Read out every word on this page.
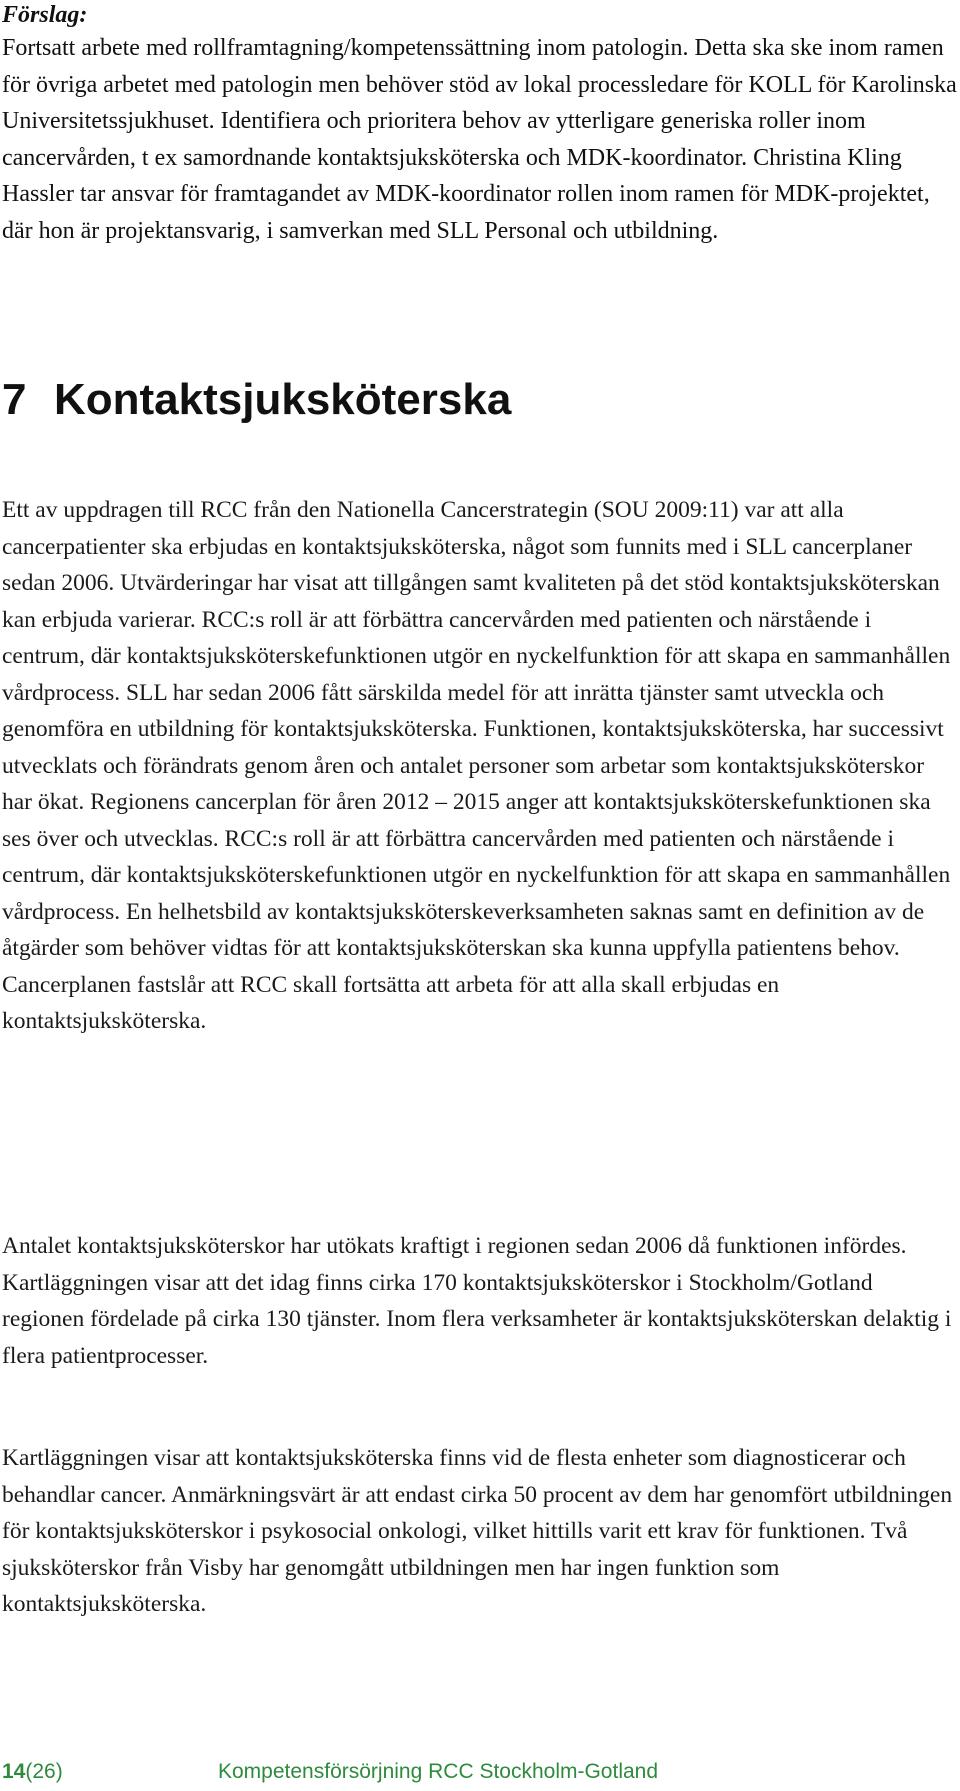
Förslag:

Fortsatt arbete med rollframtagning/kompetenssättning inom patologin. Detta ska ske inom ramen för övriga arbetet med patologin men behöver stöd av lokal processledare för KOLL för Karolinska Universitetssjukhuset. Identifiera och prioritera behov av ytterligare generiska roller inom cancervården, t ex samordnande kontaktsjuksköterska och MDK-koordinator. Christina Kling Hassler tar ansvar för framtagandet av MDK-koordinator rollen inom ramen för MDK-projektet, där hon är projektansvarig, i samverkan med SLL Personal och utbildning.

7 Kontaktsjuksköterska

Ett av uppdragen till RCC från den Nationella Cancerstrategin (SOU 2009:11) var att alla cancerpatienter ska erbjudas en kontaktsjuksköterska, något som funnits med i SLL cancerplaner sedan 2006. Utvärderingar har visat att tillgången samt kvaliteten på det stöd kontaktsjuksköterskan kan erbjuda varierar. RCC:s roll är att förbättra cancervården med patienten och närstående i centrum, där kontaktsjuksköterskefunktionen utgör en nyckelfunktion för att skapa en sammanhållen vårdprocess. SLL har sedan 2006 fått särskilda medel för att inrätta tjänster samt utveckla och genomföra en utbildning för kontaktsjuksköterska. Funktionen, kontaktsjuksköterska, har successivt utvecklats och förändrats genom åren och antalet personer som arbetar som kontaktsjuksköterskor har ökat. Regionens cancerplan för åren 2012 – 2015 anger att kontaktsjuksköterskefunktionen ska ses över och utvecklas. RCC:s roll är att förbättra cancervården med patienten och närstående i centrum, där kontaktsjuksköterskefunktionen utgör en nyckelfunktion för att skapa en sammanhållen vårdprocess. En helhetsbild av kontaktsjuksköterskeverksamheten saknas samt en definition av de åtgärder som behöver vidtas för att kontaktsjuksköterskan ska kunna uppfylla patientens behov. Cancerplanen fastslår att RCC skall fortsätta att arbeta för att alla skall erbjudas en kontaktsjuksköterska.

Antalet kontaktsjuksköterskor har utökats kraftigt i regionen sedan 2006 då funktionen infördes. Kartläggningen visar att det idag finns cirka 170 kontaktsjuksköterskor i Stockholm/Gotland regionen fördelade på cirka 130 tjänster. Inom flera verksamheter är kontaktsjuksköterskan delaktig i flera patientprocesser.

Kartläggningen visar att kontaktsjuksköterska finns vid de flesta enheter som diagnosticerar och behandlar cancer. Anmärkningsvärt är att endast cirka 50 procent av dem har genomfört utbildningen för kontaktsjuksköterskor i psykosocial onkologi, vilket hittills varit ett krav för funktionen. Två sjuksköterskor från Visby har genomgått utbildningen men har ingen funktion som kontaktsjuksköterska.

14(26)	Kompetensförsörjning RCC Stockholm-Gotland
